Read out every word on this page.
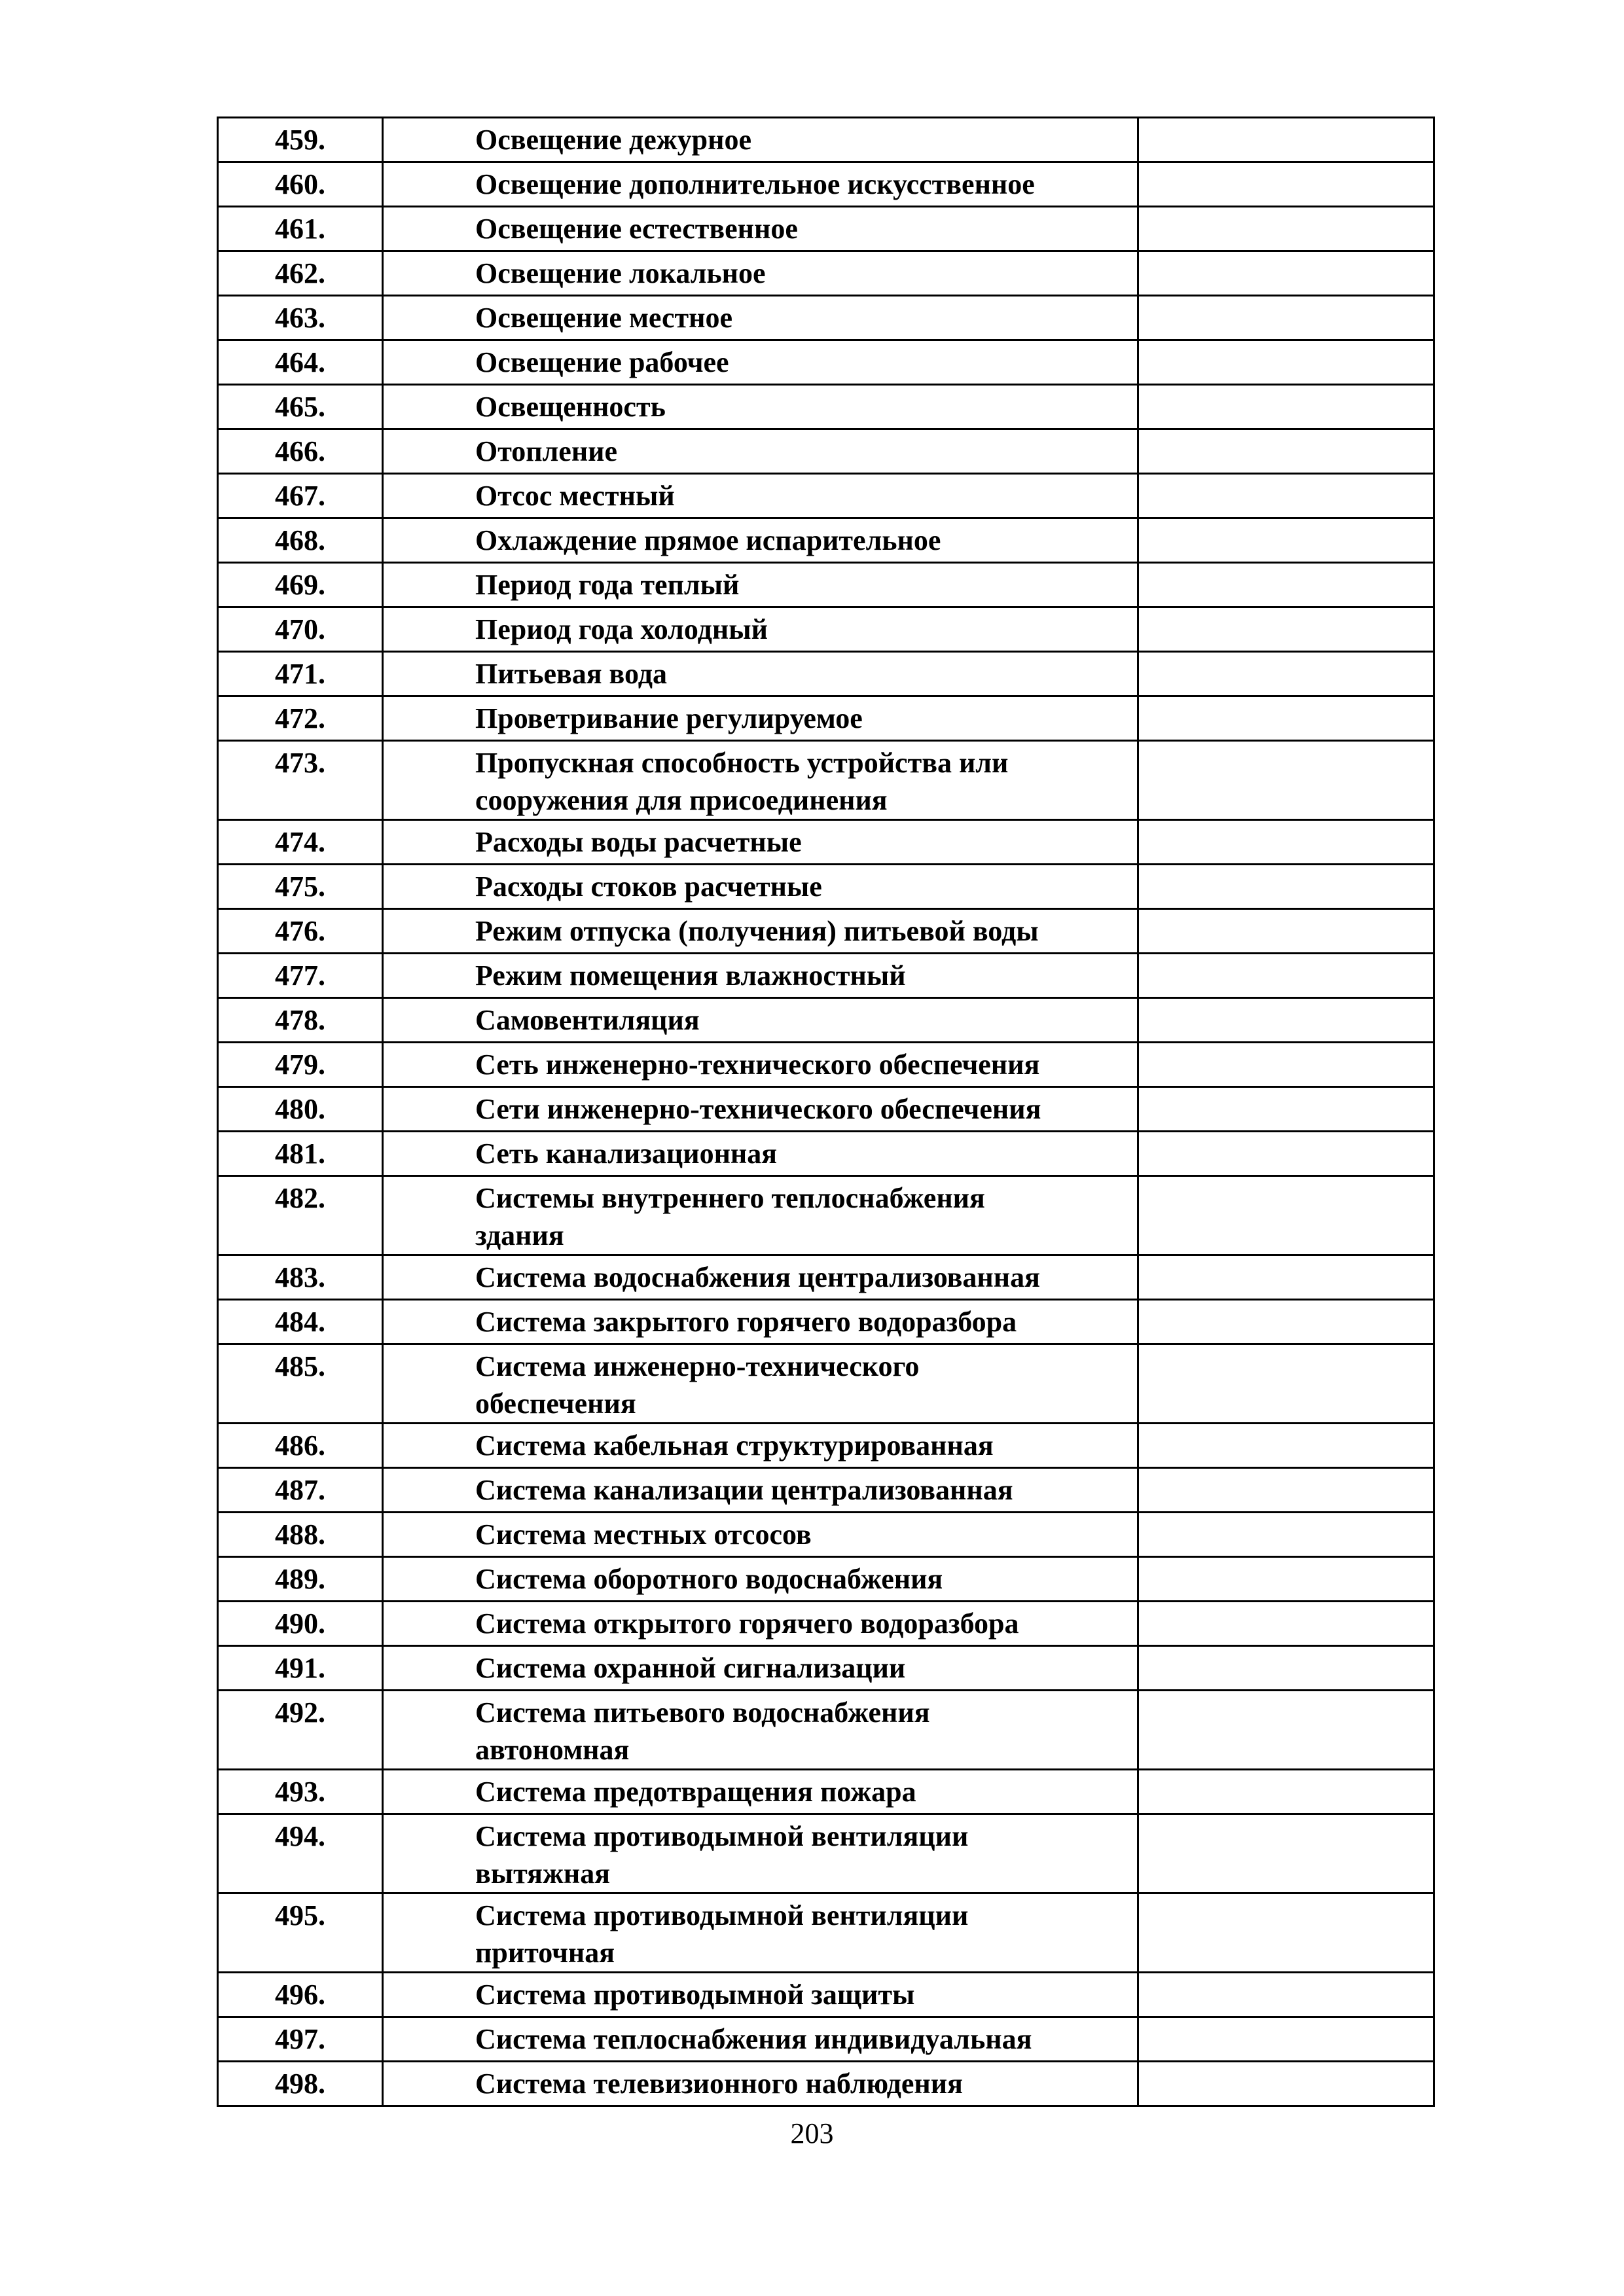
459.	Освещение дежурное	
460.	Освещение дополнительное искусственное	
461.	Освещение естественное	
462.	Освещение локальное	
463.	Освещение местное	
464.	Освещение рабочее	
465.	Освещенность	
466.	Отопление	
467.	Отсос местный	
468.	Охлаждение прямое испарительное	
469.	Период года теплый	
470.	Период года холодный	
471.	Питьевая вода	
472.	Проветривание регулируемое	
473.	Пропускная способность устройства или
сооружения для присоединения	
474.	Расходы воды расчетные	
475.	Расходы стоков расчетные	
476.	Режим отпуска (получения) питьевой воды	
477.	Режим помещения влажностный	
478.	Самовентиляция	
479.	Сеть инженерно-технического обеспечения	
480.	Сети инженерно-технического обеспечения	
481.	Сеть канализационная	
482.	Системы внутреннего теплоснабжения
здания	
483.	Система водоснабжения централизованная	
484.	Система закрытого горячего водоразбора	
485.	Система инженерно-технического
обеспечения	
486.	Система кабельная структурированная	
487.	Система канализации централизованная	
488.	Система местных отсосов	
489.	Система оборотного водоснабжения	
490.	Система открытого горячего водоразбора	
491.	Система охранной сигнализации	
492.	Система питьевого водоснабжения
автономная	
493.	Система предотвращения пожара	
494.	Система противодымной вентиляции
вытяжная	
495.	Система противодымной вентиляции
приточная	
496.	Система противодымной защиты	
497.	Система теплоснабжения индивидуальная	
498.	Система телевизионного наблюдения	
203
